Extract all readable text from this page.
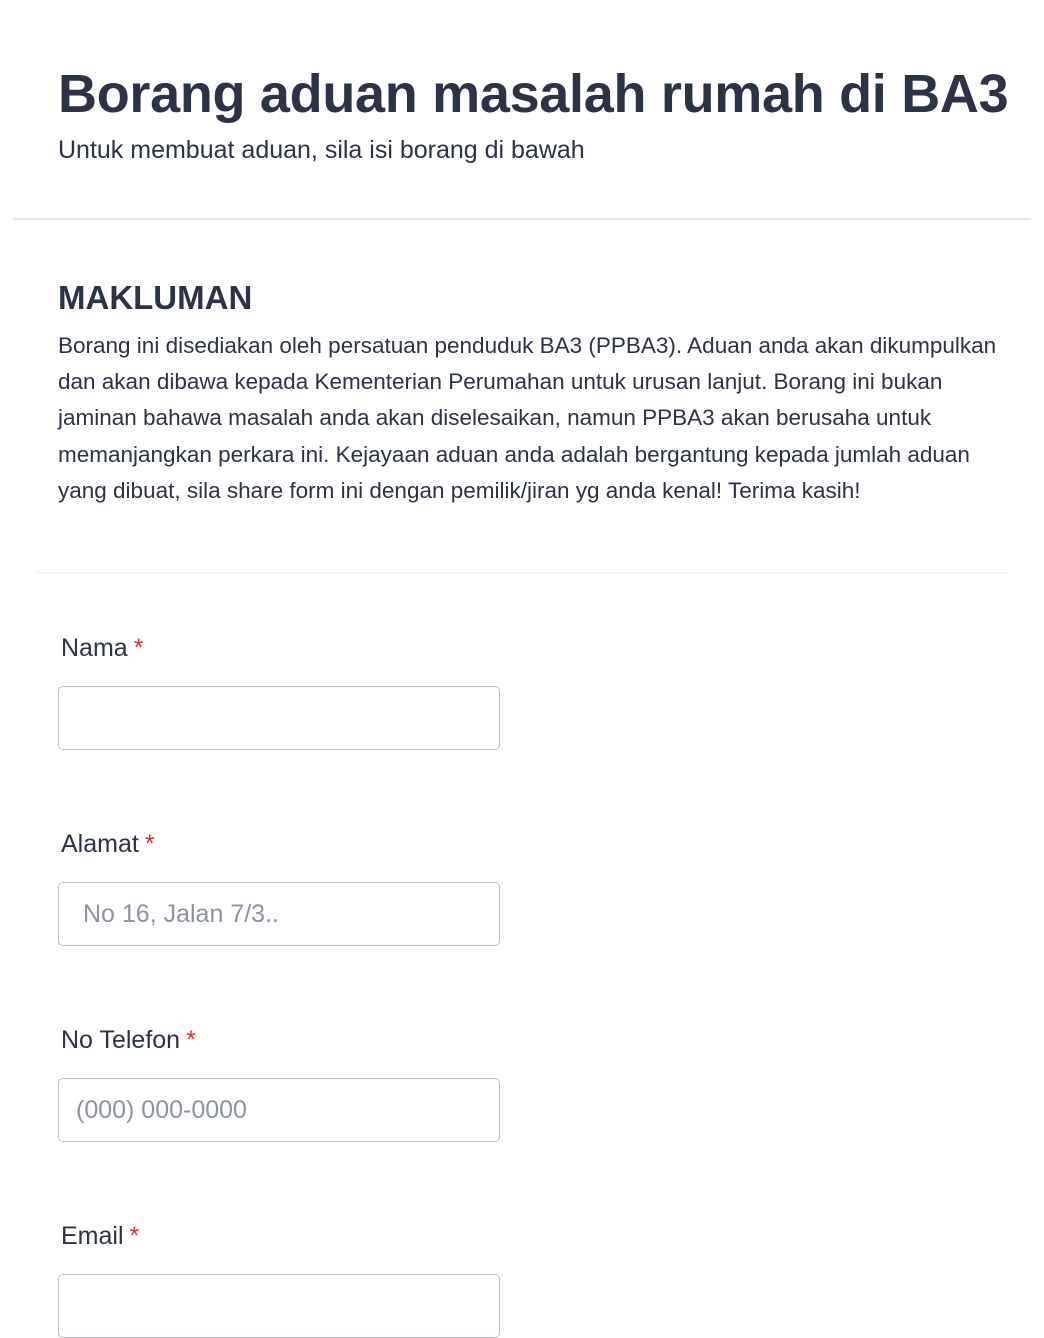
Borang aduan masalah rumah di BA3
Untuk membuat aduan, sila isi borang di bawah
MAKLUMAN
Borang ini disediakan oleh persatuan penduduk BA3 (PPBA3). Aduan anda akan dikumpulkan dan akan dibawa kepada Kementerian Perumahan untuk urusan lanjut. Borang ini bukan jaminan bahawa masalah anda akan diselesaikan, namun PPBA3 akan berusaha untuk memanjangkan perkara ini. Kejayaan aduan anda adalah bergantung kepada jumlah aduan yang dibuat, sila share form ini dengan pemilik/jiran yg anda kenal! Terima kasih!
Nama *
Alamat *
No 16, Jalan 7/3..
No Telefon *
(000) 000-0000
Email *
